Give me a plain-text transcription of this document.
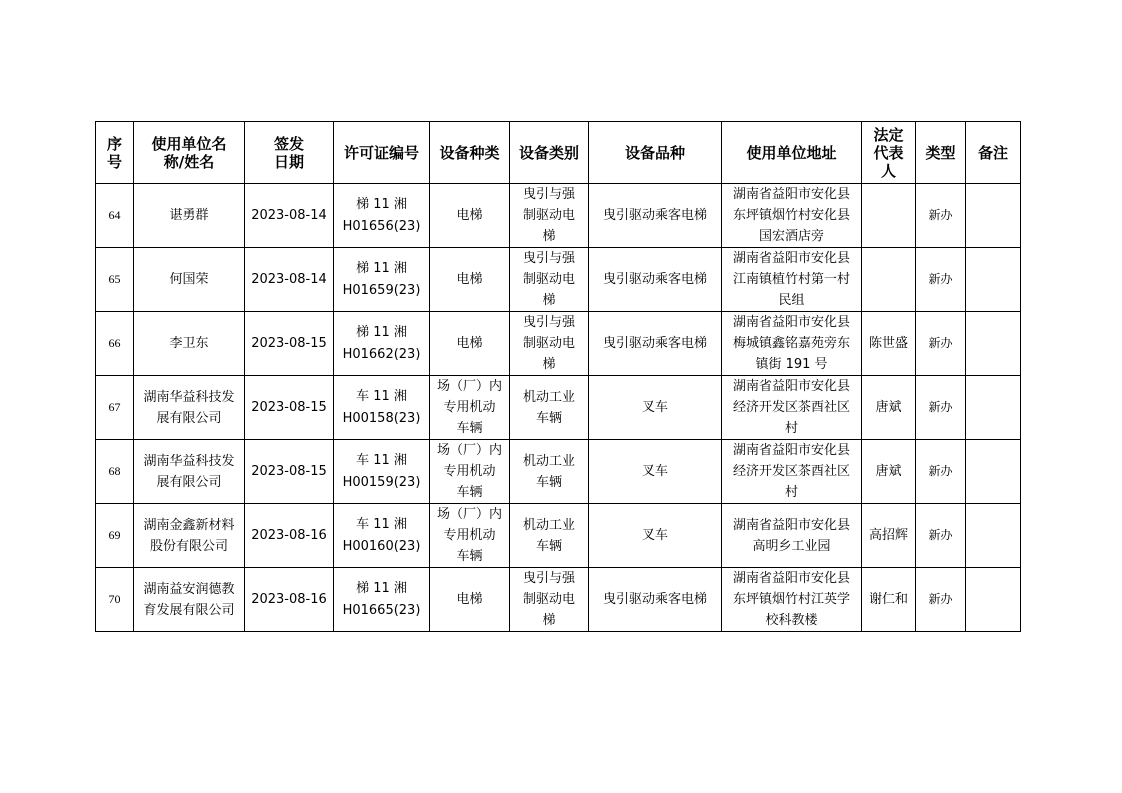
序
号	使用单位名
称/姓名	签发
日期	许可证编号	设备种类	设备类别	设备品种	使用单位地址	法定
代表
人	类型	备注

64	谌勇群	2023-08-14	梯 11 湘
H01656(23)	电梯	曳引与强
制驱动电
梯	曳引驱动乘客电梯	湖南省益阳市安化县
东坪镇烟竹村安化县
国宏酒店旁		新办	

65	何国荣	2023-08-14	梯 11 湘
H01659(23)	电梯	曳引与强
制驱动电
梯	曳引驱动乘客电梯	湖南省益阳市安化县
江南镇植竹村第一村
民组		新办	

66	李卫东	2023-08-15	梯 11 湘
H01662(23)	电梯	曳引与强
制驱动电
梯	曳引驱动乘客电梯	湖南省益阳市安化县
梅城镇鑫铭嘉苑旁东
镇街 191 号	陈世盛	新办	

67	湖南华益科技发
展有限公司	2023-08-15	车 11 湘
H00158(23)	场（厂）内
专用机动
车辆	机动工业
车辆	叉车	湖南省益阳市安化县
经济开发区茶酉社区
村	唐斌	新办	

68	湖南华益科技发
展有限公司	2023-08-15	车 11 湘
H00159(23)	场（厂）内
专用机动
车辆	机动工业
车辆	叉车	湖南省益阳市安化县
经济开发区茶酉社区
村	唐斌	新办	

69	湖南金鑫新材料
股份有限公司	2023-08-16	车 11 湘
H00160(23)	场（厂）内
专用机动
车辆	机动工业
车辆	叉车	湖南省益阳市安化县
高明乡工业园	高招辉	新办	

70	湖南益安润德教
育发展有限公司	2023-08-16	梯 11 湘
H01665(23)	电梯	曳引与强
制驱动电
梯	曳引驱动乘客电梯	湖南省益阳市安化县
东坪镇烟竹村江英学
校科教楼	谢仁和	新办	
